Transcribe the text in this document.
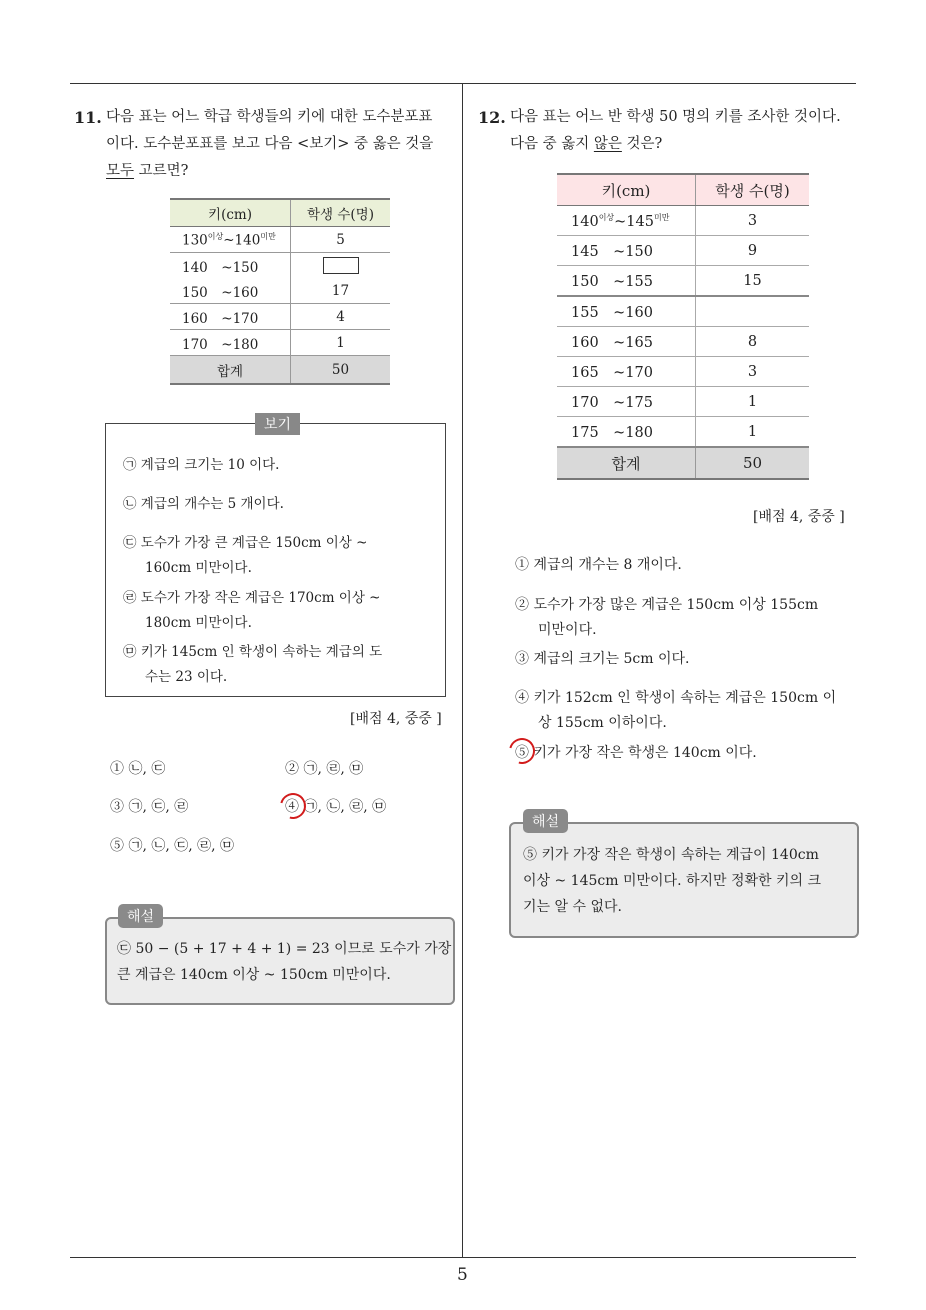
11. 다음 표는 어느 학급 학생들의 키에 대한 도수분포표
이다. 도수분포표를 보고 다음 <보기> 중 옳은 것을
모두 고르면?
키(cm)	학생 수(명)
$130^{이상}\sim 140^{미만}$	5
140　~150	
150　~160	17
160　~170	4
170　~180	1
합계	50
보기
㉠ 계급의 크기는 10 이다.
㉡ 계급의 개수는 5 개이다.
㉢ 도수가 가장 큰 계급은 150cm 이상 ~
160cm 미만이다.
㉣ 도수가 가장 작은 계급은 170cm 이상 ~
180cm 미만이다.
㉤ 키가 145cm 인 학생이 속하는 계급의 도
수는 23 이다.
[배점 4, 중중 ]
① ㉡, ㉢	② ㉠, ㉣, ㉤
③ ㉠, ㉢, ㉣	④ ㉠, ㉡, ㉣, ㉤
⑤ ㉠, ㉡, ㉢, ㉣, ㉤
㉢ 50 − (5 + 17 + 4 + 1) = 23 이므로 도수가 가장
큰 계급은 140cm 이상 ~ 150cm 미만이다.
해설
12. 다음 표는 어느 반 학생 50 명의 키를 조사한 것이다.
다음 중 옳지 않은 것은?
키(cm)	학생 수(명)
$140^{이상}\sim 145^{미만}$	3
145　~150	9
150　~155	15
155　~160	
160　~165	8
165　~170	3
170　~175	1
175　~180	1
합계	50
[배점 4, 중중 ]
① 계급의 개수는 8 개이다.
② 도수가 가장 많은 계급은 150cm 이상 155cm
미만이다.
③ 계급의 크기는 5cm 이다.
④ 키가 152cm 인 학생이 속하는 계급은 150cm 이
상 155cm 이하이다.
⑤ 키가 가장 작은 학생은 140cm 이다.
⑤ 키가 가장 작은 학생이 속하는 계급이 140cm
이상 ~ 145cm 미만이다. 하지만 정확한 키의 크
기는 알 수 없다.
해설
5
